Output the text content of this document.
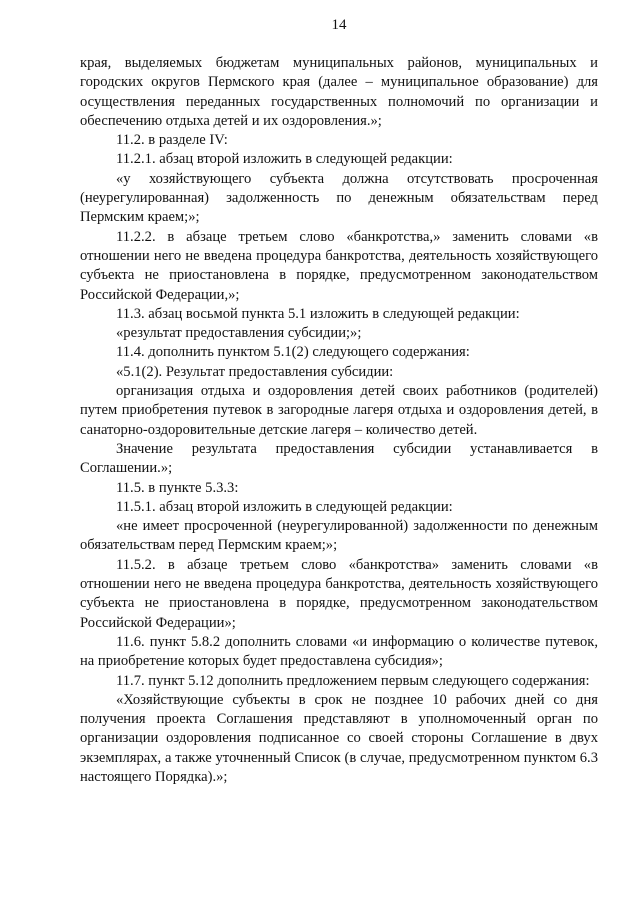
14

края, выделяемых бюджетам муниципальных районов, муниципальных и городских округов Пермского края (далее – муниципальное образование) для осуществления переданных государственных полномочий по организации и обеспечению отдыха детей и их оздоровления.»;

11.2. в разделе IV:

11.2.1. абзац второй изложить в следующей редакции:

«у хозяйствующего субъекта должна отсутствовать просроченная (неурегулированная) задолженность по денежным обязательствам перед Пермским краем;»;

11.2.2. в абзаце третьем слово «банкротства,» заменить словами «в отношении него не введена процедура банкротства, деятельность хозяйствующего субъекта не приостановлена в порядке, предусмотренном законодательством Российской Федерации,»;

11.3. абзац восьмой пункта 5.1 изложить в следующей редакции:

«результат предоставления субсидии;»;

11.4. дополнить пунктом 5.1(2) следующего содержания:

«5.1(2). Результат предоставления субсидии:

организация отдыха и оздоровления детей своих работников (родителей) путем приобретения путевок в загородные лагеря отдыха и оздоровления детей, в санаторно-оздоровительные детские лагеря – количество детей.

Значение результата предоставления субсидии устанавливается в Соглашении.»;

11.5. в пункте 5.3.3:

11.5.1. абзац второй изложить в следующей редакции:

«не имеет просроченной (неурегулированной) задолженности по денежным обязательствам перед Пермским краем;»;

11.5.2. в абзаце третьем слово «банкротства» заменить словами «в отношении него не введена процедура банкротства, деятельность хозяйствующего субъекта не приостановлена в порядке, предусмотренном законодательством Российской Федерации»;

11.6. пункт 5.8.2 дополнить словами «и информацию о количестве путевок, на приобретение которых будет предоставлена субсидия»;

11.7. пункт 5.12 дополнить предложением первым следующего содержания:

«Хозяйствующие субъекты в срок не позднее 10 рабочих дней со дня получения проекта Соглашения представляют в уполномоченный орган по организации оздоровления подписанное со своей стороны Соглашение в двух экземплярах, а также уточненный Список (в случае, предусмотренном пунктом 6.3 настоящего Порядка).»;
